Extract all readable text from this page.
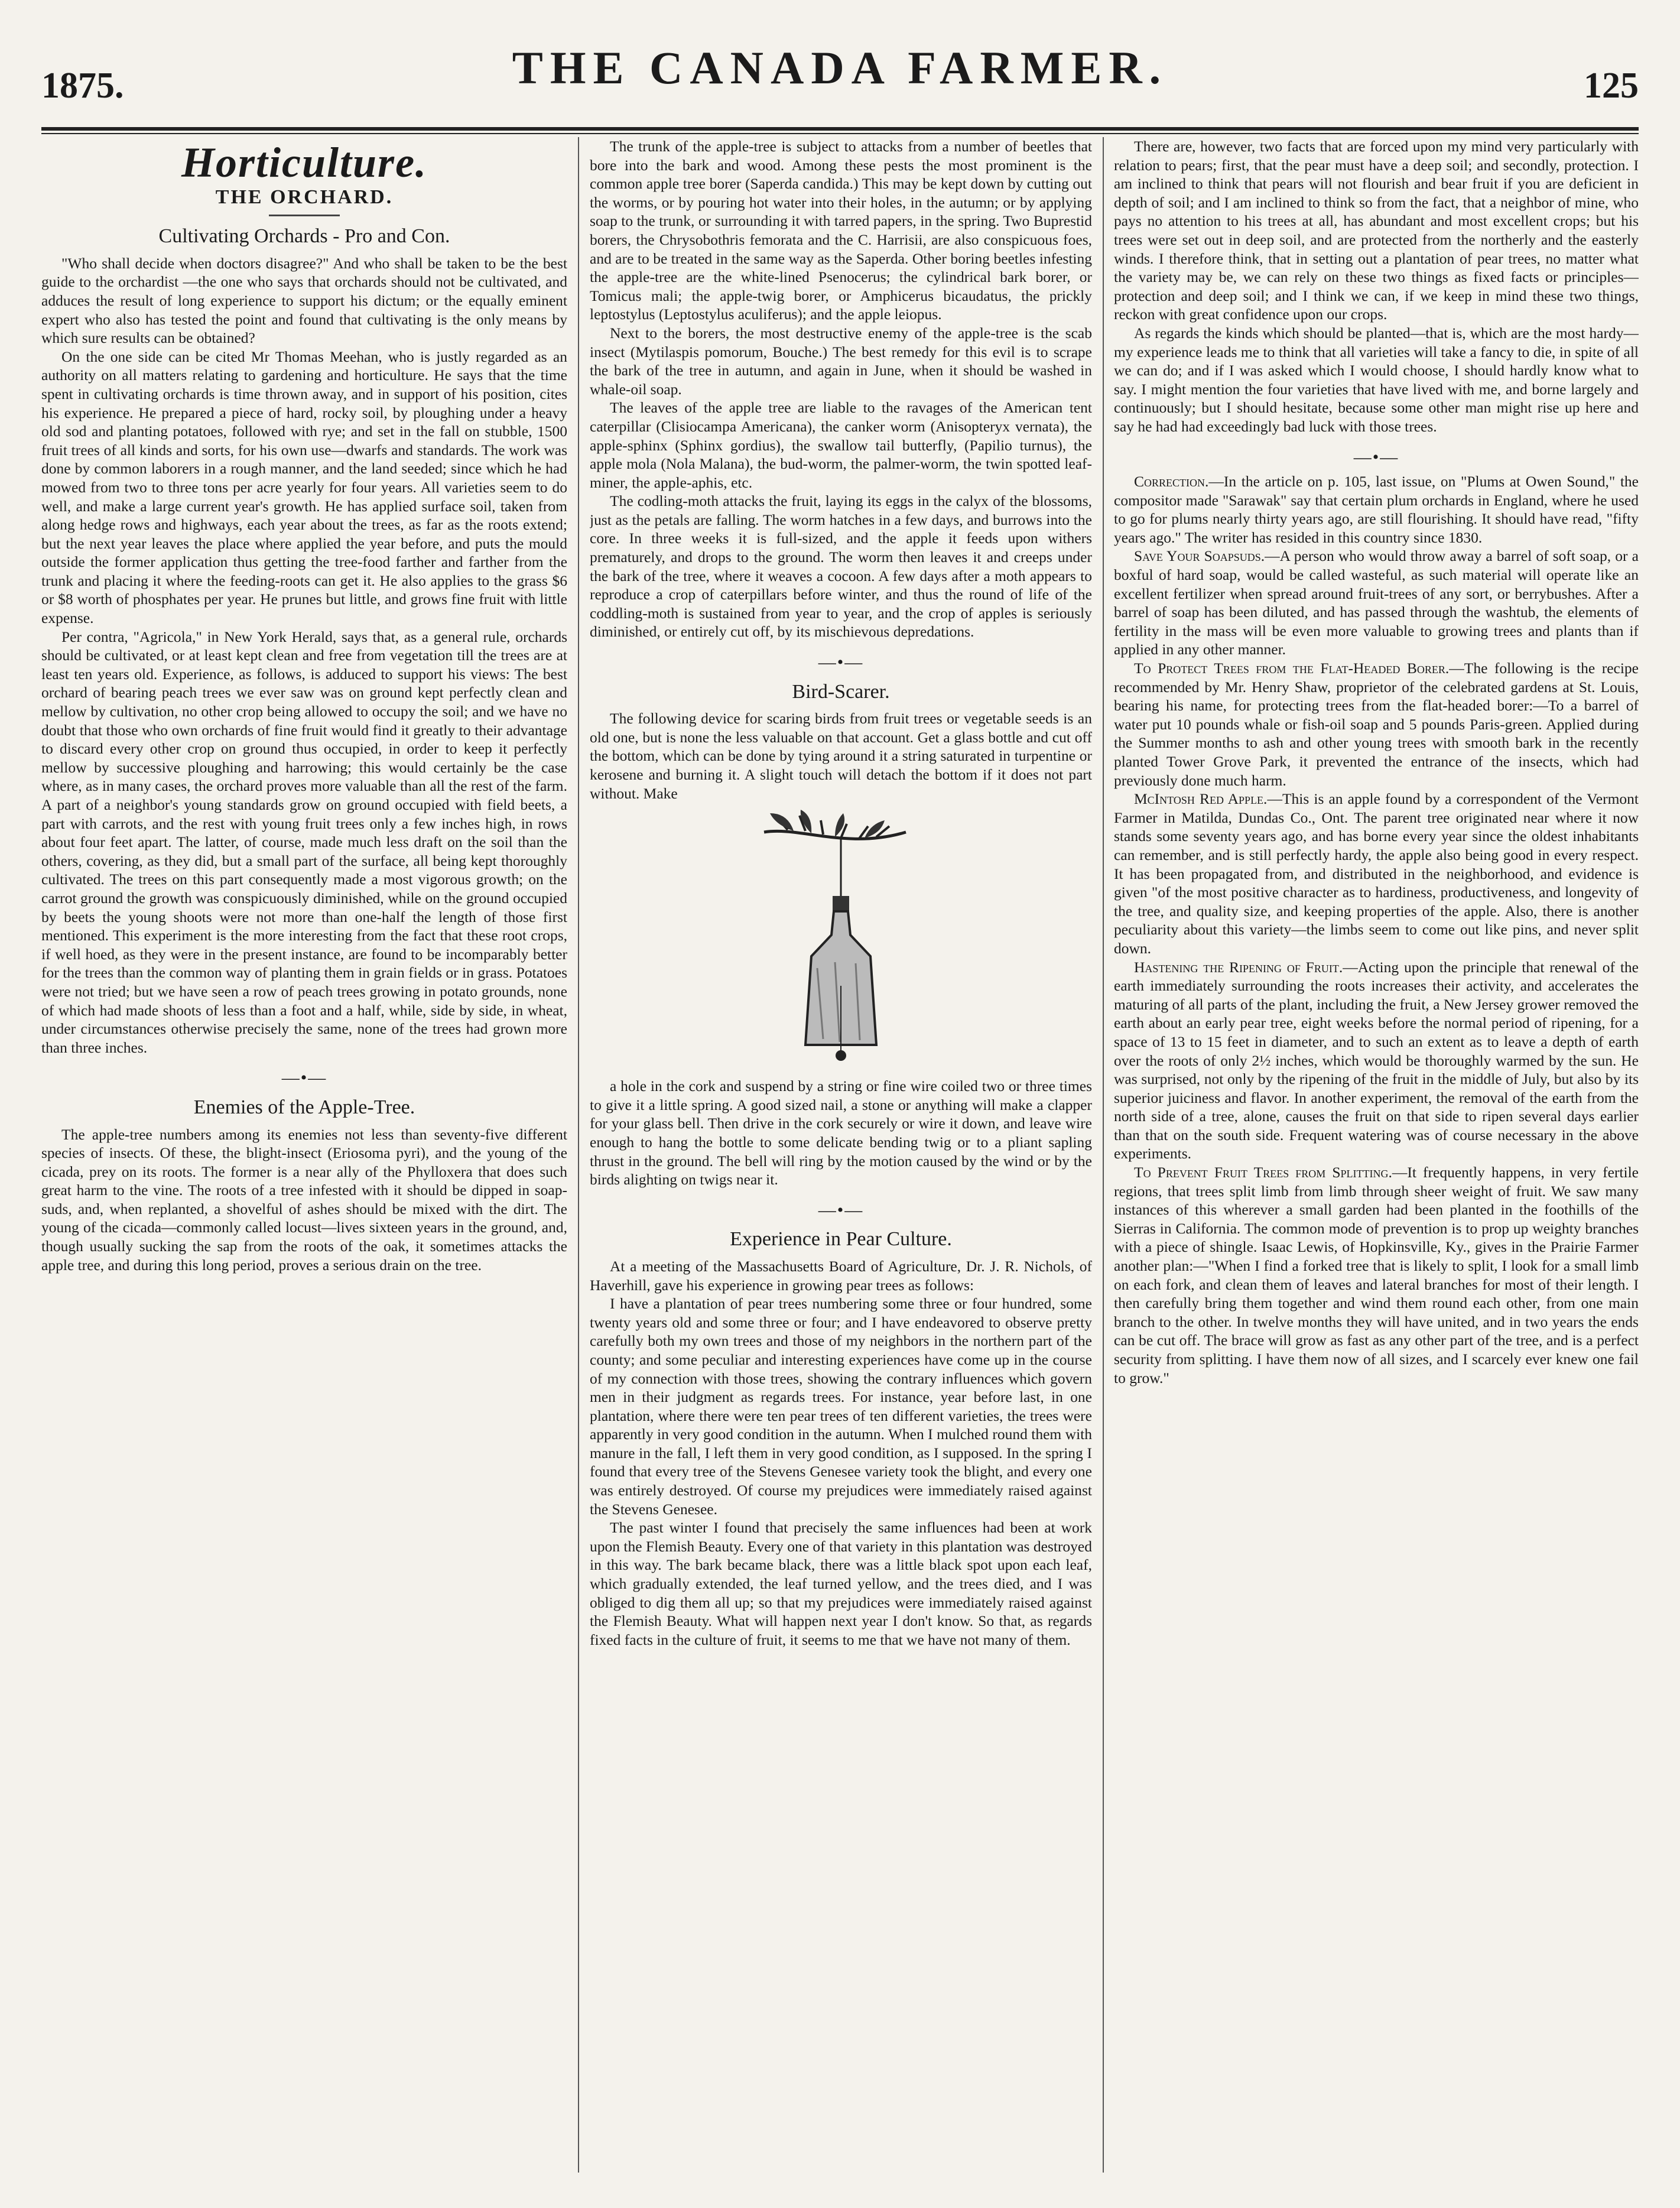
1875.	THE CANADA FARMER.	125
Horticulture.
THE ORCHARD.
Cultivating Orchards - Pro and Con.

"Who shall decide when doctors disagree?" And who shall be taken to be the best guide to the orchardist —the one who says that orchards should not be cultivated, and adduces the result of long experience to support his dictum; or the equally eminent expert who also has tested the point and found that cultivating is the only means by which sure results can be obtained?

On the one side can be cited Mr Thomas Meehan, who is justly regarded as an authority on all matters relating to gardening and horticulture. He says that the time spent in cultivating orchards is time thrown away, and in support of his position, cites his experience. He prepared a piece of hard, rocky soil, by ploughing under a heavy old sod and planting potatoes, followed with rye; and set in the fall on stubble, 1500 fruit trees of all kinds and sorts, for his own use—dwarfs and standards. The work was done by common laborers in a rough manner, and the land seeded; since which he had mowed from two to three tons per acre yearly for four years. All varieties seem to do well, and make a large current year's growth. He has applied surface soil, taken from along hedge rows and highways, each year about the trees, as far as the roots extend; but the next year leaves the place where applied the year before, and puts the mould outside the former application thus getting the tree-food farther and farther from the trunk and placing it where the feeding-roots can get it. He also applies to the grass $6 or $8 worth of phosphates per year. He prunes but little, and grows fine fruit with little expense.

Per contra, "Agricola," in New York Herald, says that, as a general rule, orchards should be cultivated, or at least kept clean and free from vegetation till the trees are at least ten years old. Experience, as follows, is adduced to support his views: The best orchard of bearing peach trees we ever saw was on ground kept perfectly clean and mellow by cultivation, no other crop being allowed to occupy the soil; and we have no doubt that those who own orchards of fine fruit would find it greatly to their advantage to discard every other crop on ground thus occupied, in order to keep it perfectly mellow by successive ploughing and harrowing; this would certainly be the case where, as in many cases, the orchard proves more valuable than all the rest of the farm. A part of a neighbor's young standards grow on ground occupied with field beets, a part with carrots, and the rest with young fruit trees only a few inches high, in rows about four feet apart. The latter, of course, made much less draft on the soil than the others, covering, as they did, but a small part of the surface, all being kept thoroughly cultivated. The trees on this part consequently made a most vigorous growth; on the carrot ground the growth was conspicuously diminished, while on the ground occupied by beets the young shoots were not more than one-half the length of those first mentioned. This experiment is the more interesting from the fact that these root crops, if well hoed, as they were in the present instance, are found to be incomparably better for the trees than the common way of planting them in grain fields or in grass. Potatoes were not tried; but we have seen a row of peach trees growing in potato grounds, none of which had made shoots of less than a foot and a half, while, side by side, in wheat, under circumstances otherwise precisely the same, none of the trees had grown more than three inches.

—•—
Enemies of the Apple-Tree.

The apple-tree numbers among its enemies not less than seventy-five different species of insects. Of these, the blight-insect (Eriosoma pyri), and the young of the cicada, prey on its roots. The former is a near ally of the Phylloxera that does such great harm to the vine. The roots of a tree infested with it should be dipped in soap-suds, and, when replanted, a shovelful of ashes should be mixed with the dirt. The young of the cicada—commonly called locust—lives sixteen years in the ground, and, though usually sucking the sap from the roots of the oak, it sometimes attacks the apple tree, and during this long period, proves a serious drain on the tree.

The trunk of the apple-tree is subject to attacks from a number of beetles that bore into the bark and wood. Among these pests the most prominent is the common apple tree borer (Saperda candida.) This may be kept down by cutting out the worms, or by pouring hot water into their holes, in the autumn; or by applying soap to the trunk, or surrounding it with tarred papers, in the spring. Two Buprestid borers, the Chrysobothris femorata and the C. Harrisii, are also conspicuous foes, and are to be treated in the same way as the Saperda. Other boring beetles infesting the apple-tree are the white-lined Psenocerus; the cylindrical bark borer, or Tomicus mali; the apple-twig borer, or Amphicerus bicaudatus, the prickly leptostylus (Leptostylus aculiferus); and the apple leiopus.

Next to the borers, the most destructive enemy of the apple-tree is the scab insect (Mytilaspis pomorum, Bouche.) The best remedy for this evil is to scrape the bark of the tree in autumn, and again in June, when it should be washed in whale-oil soap.

The leaves of the apple tree are liable to the ravages of the American tent caterpillar (Clisiocampa Americana), the canker worm (Anisopteryx vernata), the apple-sphinx (Sphinx gordius), the swallow tail butterfly, (Papilio turnus), the apple mola (Nola Malana), the bud-worm, the palmer-worm, the twin spotted leaf-miner, the apple-aphis, etc.

The codling-moth attacks the fruit, laying its eggs in the calyx of the blossoms, just as the petals are falling. The worm hatches in a few days, and burrows into the core. In three weeks it is full-sized, and the apple it feeds upon withers prematurely, and drops to the ground. The worm then leaves it and creeps under the bark of the tree, where it weaves a cocoon. A few days after a moth appears to reproduce a crop of caterpillars before winter, and thus the round of life of the coddling-moth is sustained from year to year, and the crop of apples is seriously diminished, or entirely cut off, by its mischievous depredations.

—•—
Bird-Scarer.

The following device for scaring birds from fruit trees or vegetable seeds is an old one, but is none the less valuable on that account. Get a glass bottle and cut off the bottom, which can be done by tying around it a string saturated in turpentine or kerosene and burning it. A slight touch will detach the bottom if it does not part without. Make

a hole in the cork and suspend by a string or fine wire coiled two or three times to give it a little spring. A good sized nail, a stone or anything will make a clapper for your glass bell. Then drive in the cork securely or wire it down, and leave wire enough to hang the bottle to some delicate bending twig or to a pliant sapling thrust in the ground. The bell will ring by the motion caused by the wind or by the birds alighting on twigs near it.

—•—
Experience in Pear Culture.

At a meeting of the Massachusetts Board of Agriculture, Dr. J. R. Nichols, of Haverhill, gave his experience in growing pear trees as follows:

I have a plantation of pear trees numbering some three or four hundred, some twenty years old and some three or four; and I have endeavored to observe pretty carefully both my own trees and those of my neighbors in the northern part of the county; and some peculiar and interesting experiences have come up in the course of my connection with those trees, showing the contrary influences which govern men in their judgment as regards trees. For instance, year before last, in one plantation, where there were ten pear trees of ten different varieties, the trees were apparently in very good condition in the autumn. When I mulched round them with manure in the fall, I left them in very good condition, as I supposed. In the spring I found that every tree of the Stevens Genesee variety took the blight, and every one was entirely destroyed. Of course my prejudices were immediately raised against the Stevens Genesee.

The past winter I found that precisely the same influences had been at work upon the Flemish Beauty. Every one of that variety in this plantation was destroyed in this way. The bark became black, there was a little black spot upon each leaf, which gradually extended, the leaf turned yellow, and the trees died, and I was obliged to dig them all up; so that my prejudices were immediately raised against the Flemish Beauty. What will happen next year I don't know. So that, as regards fixed facts in the culture of fruit, it seems to me that we have not many of them.

There are, however, two facts that are forced upon my mind very particularly with relation to pears; first, that the pear must have a deep soil; and secondly, protection. I am inclined to think that pears will not flourish and bear fruit if you are deficient in depth of soil; and I am inclined to think so from the fact, that a neighbor of mine, who pays no attention to his trees at all, has abundant and most excellent crops; but his trees were set out in deep soil, and are protected from the northerly and the easterly winds. I therefore think, that in setting out a plantation of pear trees, no matter what the variety may be, we can rely on these two things as fixed facts or principles—protection and deep soil; and I think we can, if we keep in mind these two things, reckon with great confidence upon our crops.

As regards the kinds which should be planted—that is, which are the most hardy—my experience leads me to think that all varieties will take a fancy to die, in spite of all we can do; and if I was asked which I would choose, I should hardly know what to say. I might mention the four varieties that have lived with me, and borne largely and continuously; but I should hesitate, because some other man might rise up here and say he had had exceedingly bad luck with those trees.

—•—

Correction.—In the article on p. 105, last issue, on "Plums at Owen Sound," the compositor made "Sarawak" say that certain plum orchards in England, where he used to go for plums nearly thirty years ago, are still flourishing. It should have read, "fifty years ago." The writer has resided in this country since 1830.

Save Your Soapsuds.—A person who would throw away a barrel of soft soap, or a boxful of hard soap, would be called wasteful, as such material will operate like an excellent fertilizer when spread around fruit-trees of any sort, or berrybushes. After a barrel of soap has been diluted, and has passed through the washtub, the elements of fertility in the mass will be even more valuable to growing trees and plants than if applied in any other manner.

To Protect Trees from the Flat-Headed Borer.—The following is the recipe recommended by Mr. Henry Shaw, proprietor of the celebrated gardens at St. Louis, bearing his name, for protecting trees from the flat-headed borer:—To a barrel of water put 10 pounds whale or fish-oil soap and 5 pounds Paris-green. Applied during the Summer months to ash and other young trees with smooth bark in the recently planted Tower Grove Park, it prevented the entrance of the insects, which had previously done much harm.

McIntosh Red Apple.—This is an apple found by a correspondent of the Vermont Farmer in Matilda, Dundas Co., Ont. The parent tree originated near where it now stands some seventy years ago, and has borne every year since the oldest inhabitants can remember, and is still perfectly hardy, the apple also being good in every respect. It has been propagated from, and distributed in the neighborhood, and evidence is given "of the most positive character as to hardiness, productiveness, and longevity of the tree, and quality size, and keeping properties of the apple. Also, there is another peculiarity about this variety—the limbs seem to come out like pins, and never split down.

Hastening the Ripening of Fruit.—Acting upon the principle that renewal of the earth immediately surrounding the roots increases their activity, and accelerates the maturing of all parts of the plant, including the fruit, a New Jersey grower removed the earth about an early pear tree, eight weeks before the normal period of ripening, for a space of 13 to 15 feet in diameter, and to such an extent as to leave a depth of earth over the roots of only 2½ inches, which would be thoroughly warmed by the sun. He was surprised, not only by the ripening of the fruit in the middle of July, but also by its superior juiciness and flavor. In another experiment, the removal of the earth from the north side of a tree, alone, causes the fruit on that side to ripen several days earlier than that on the south side. Frequent watering was of course necessary in the above experiments.

To Prevent Fruit Trees from Splitting.—It frequently happens, in very fertile regions, that trees split limb from limb through sheer weight of fruit. We saw many instances of this wherever a small garden had been planted in the foothills of the Sierras in California. The common mode of prevention is to prop up weighty branches with a piece of shingle. Isaac Lewis, of Hopkinsville, Ky., gives in the Prairie Farmer another plan:—"When I find a forked tree that is likely to split, I look for a small limb on each fork, and clean them of leaves and lateral branches for most of their length. I then carefully bring them together and wind them round each other, from one main branch to the other. In twelve months they will have united, and in two years the ends can be cut off. The brace will grow as fast as any other part of the tree, and is a perfect security from splitting. I have them now of all sizes, and I scarcely ever knew one fail to grow."
